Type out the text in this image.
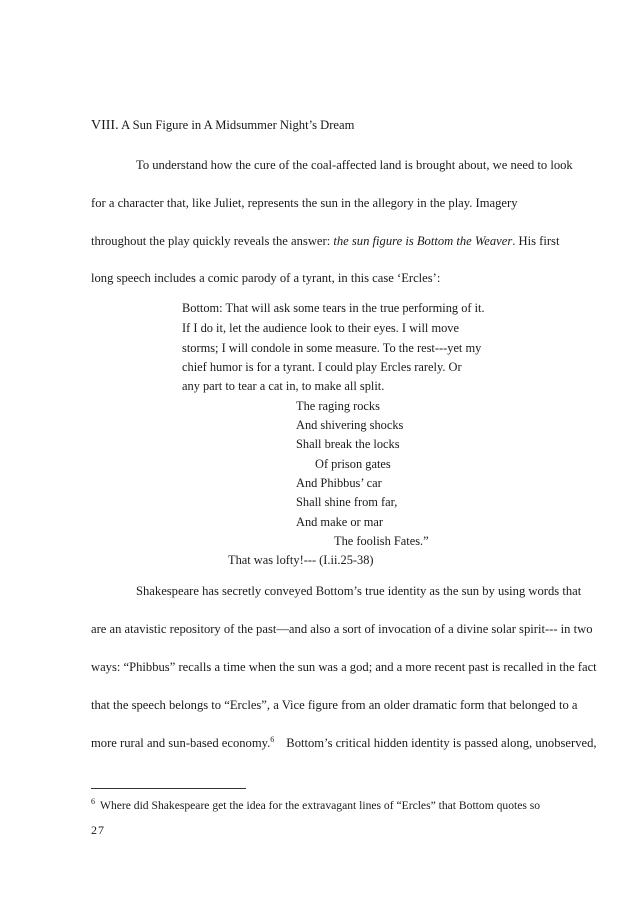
VIII. A Sun Figure in A Midsummer Night’s Dream
To understand how the cure of the coal-affected land is brought about, we need to look
for a character that, like Juliet, represents the sun in the allegory in the play. Imagery
throughout the play quickly reveals the answer: the sun figure is Bottom the Weaver. His first
long speech includes a comic parody of a tyrant, in this case ‘Ercles’:
Bottom: That will ask some tears in the true performing of it.
If I do it, let the audience look to their eyes. I will move
storms; I will condole in some measure. To the rest---yet my
chief humor is for a tyrant. I could play Ercles rarely. Or
any part to tear a cat in, to make all split.
The raging rocks
And shivering shocks
Shall break the locks
Of prison gates
And Phibbus’ car
Shall shine from far,
And make or mar
The foolish Fates.”
That was lofty!--- (I.ii.25-38)
Shakespeare has secretly conveyed Bottom’s true identity as the sun by using words that
are an atavistic repository of the past—and also a sort of invocation of a divine solar spirit--- in two
ways: “Phibbus” recalls a time when the sun was a god; and a more recent past is recalled in the fact
that the speech belongs to “Ercles”, a Vice figure from an older dramatic form that belonged to a
more rural and sun-based economy.$^6$ Bottom’s critical hidden identity is passed along, unobserved,
$^6$ Where did Shakespeare get the idea for the extravagant lines of “Ercles” that Bottom quotes so
27
